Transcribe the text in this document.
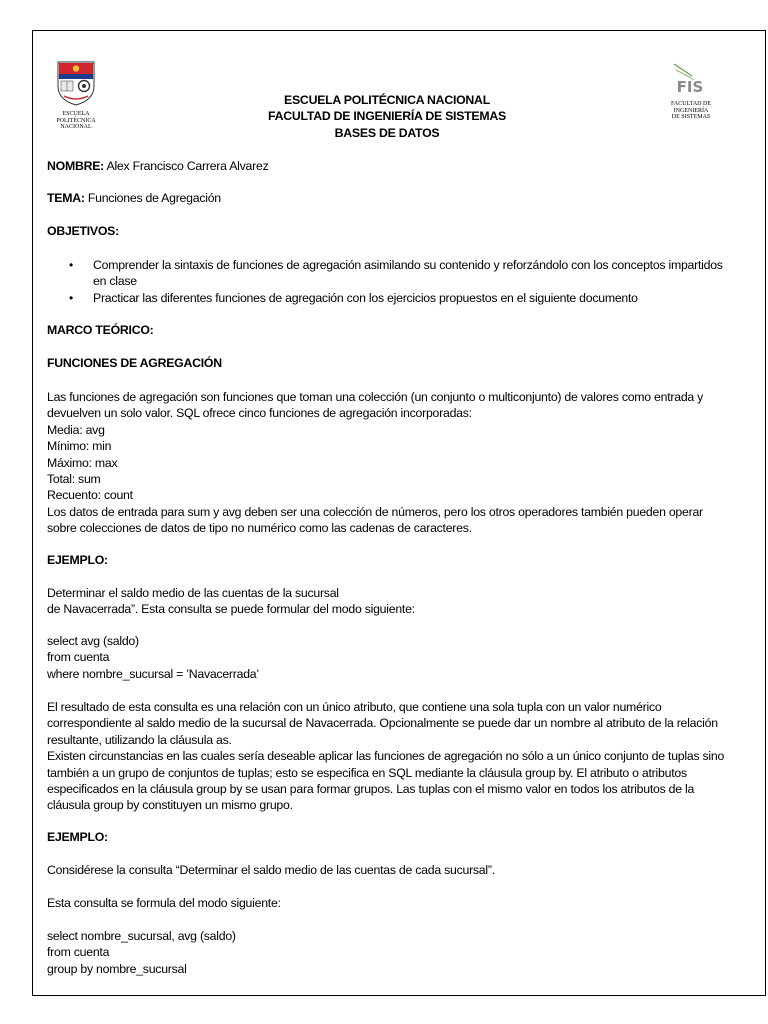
ESCUELA
POLITÉCNICA
NACIONAL
FIS
FACULTAD DE
INGENIERÍA
DE SISTEMAS

ESCUELA POLITÉCNICA NACIONAL

FACULTAD DE INGENIERÍA DE SISTEMAS

BASES DE DATOS

NOMBRE: Alex Francisco Carrera Alvarez

TEMA: Funciones de Agregación

OBJETIVOS:

• Comprender la sintaxis de funciones de agregación asimilando su contenido y reforzándolo con los conceptos impartidos en clase
• Practicar las diferentes funciones de agregación con los ejercicios propuestos en el siguiente documento

MARCO TEÓRICO:

FUNCIONES DE AGREGACIÓN

Las funciones de agregación son funciones que toman una colección (un conjunto o multiconjunto) de valores como entrada y devuelven un solo valor. SQL ofrece cinco funciones de agregación incorporadas:

Media: avg

Mínimo: min

Máximo: max

Total: sum

Recuento: count

Los datos de entrada para sum y avg deben ser una colección de números, pero los otros operadores también pueden operar sobre colecciones de datos de tipo no numérico como las cadenas de caracteres.

EJEMPLO:

Determinar el saldo medio de las cuentas de la sucursal

de Navacerrada”. Esta consulta se puede formular del modo siguiente:

select avg (saldo)

from cuenta

where nombre_sucursal = ’Navacerrada’

El resultado de esta consulta es una relación con un único atributo, que contiene una sola tupla con un valor numérico correspondiente al saldo medio de la sucursal de Navacerrada. Opcionalmente se puede dar un nombre al atributo de la relación resultante, utilizando la cláusula as.

Existen circunstancias en las cuales sería deseable aplicar las funciones de agregación no sólo a un único conjunto de tuplas sino también a un grupo de conjuntos de tuplas; esto se especifica en SQL mediante la cláusula group by. El atributo o atributos especificados en la cláusula group by se usan para formar grupos. Las tuplas con el mismo valor en todos los atributos de la cláusula group by constituyen un mismo grupo.

EJEMPLO:

Considérese la consulta “Determinar el saldo medio de las cuentas de cada sucursal”.

Esta consulta se formula del modo siguiente:

select nombre_sucursal, avg (saldo)

from cuenta

group by nombre_sucursal
